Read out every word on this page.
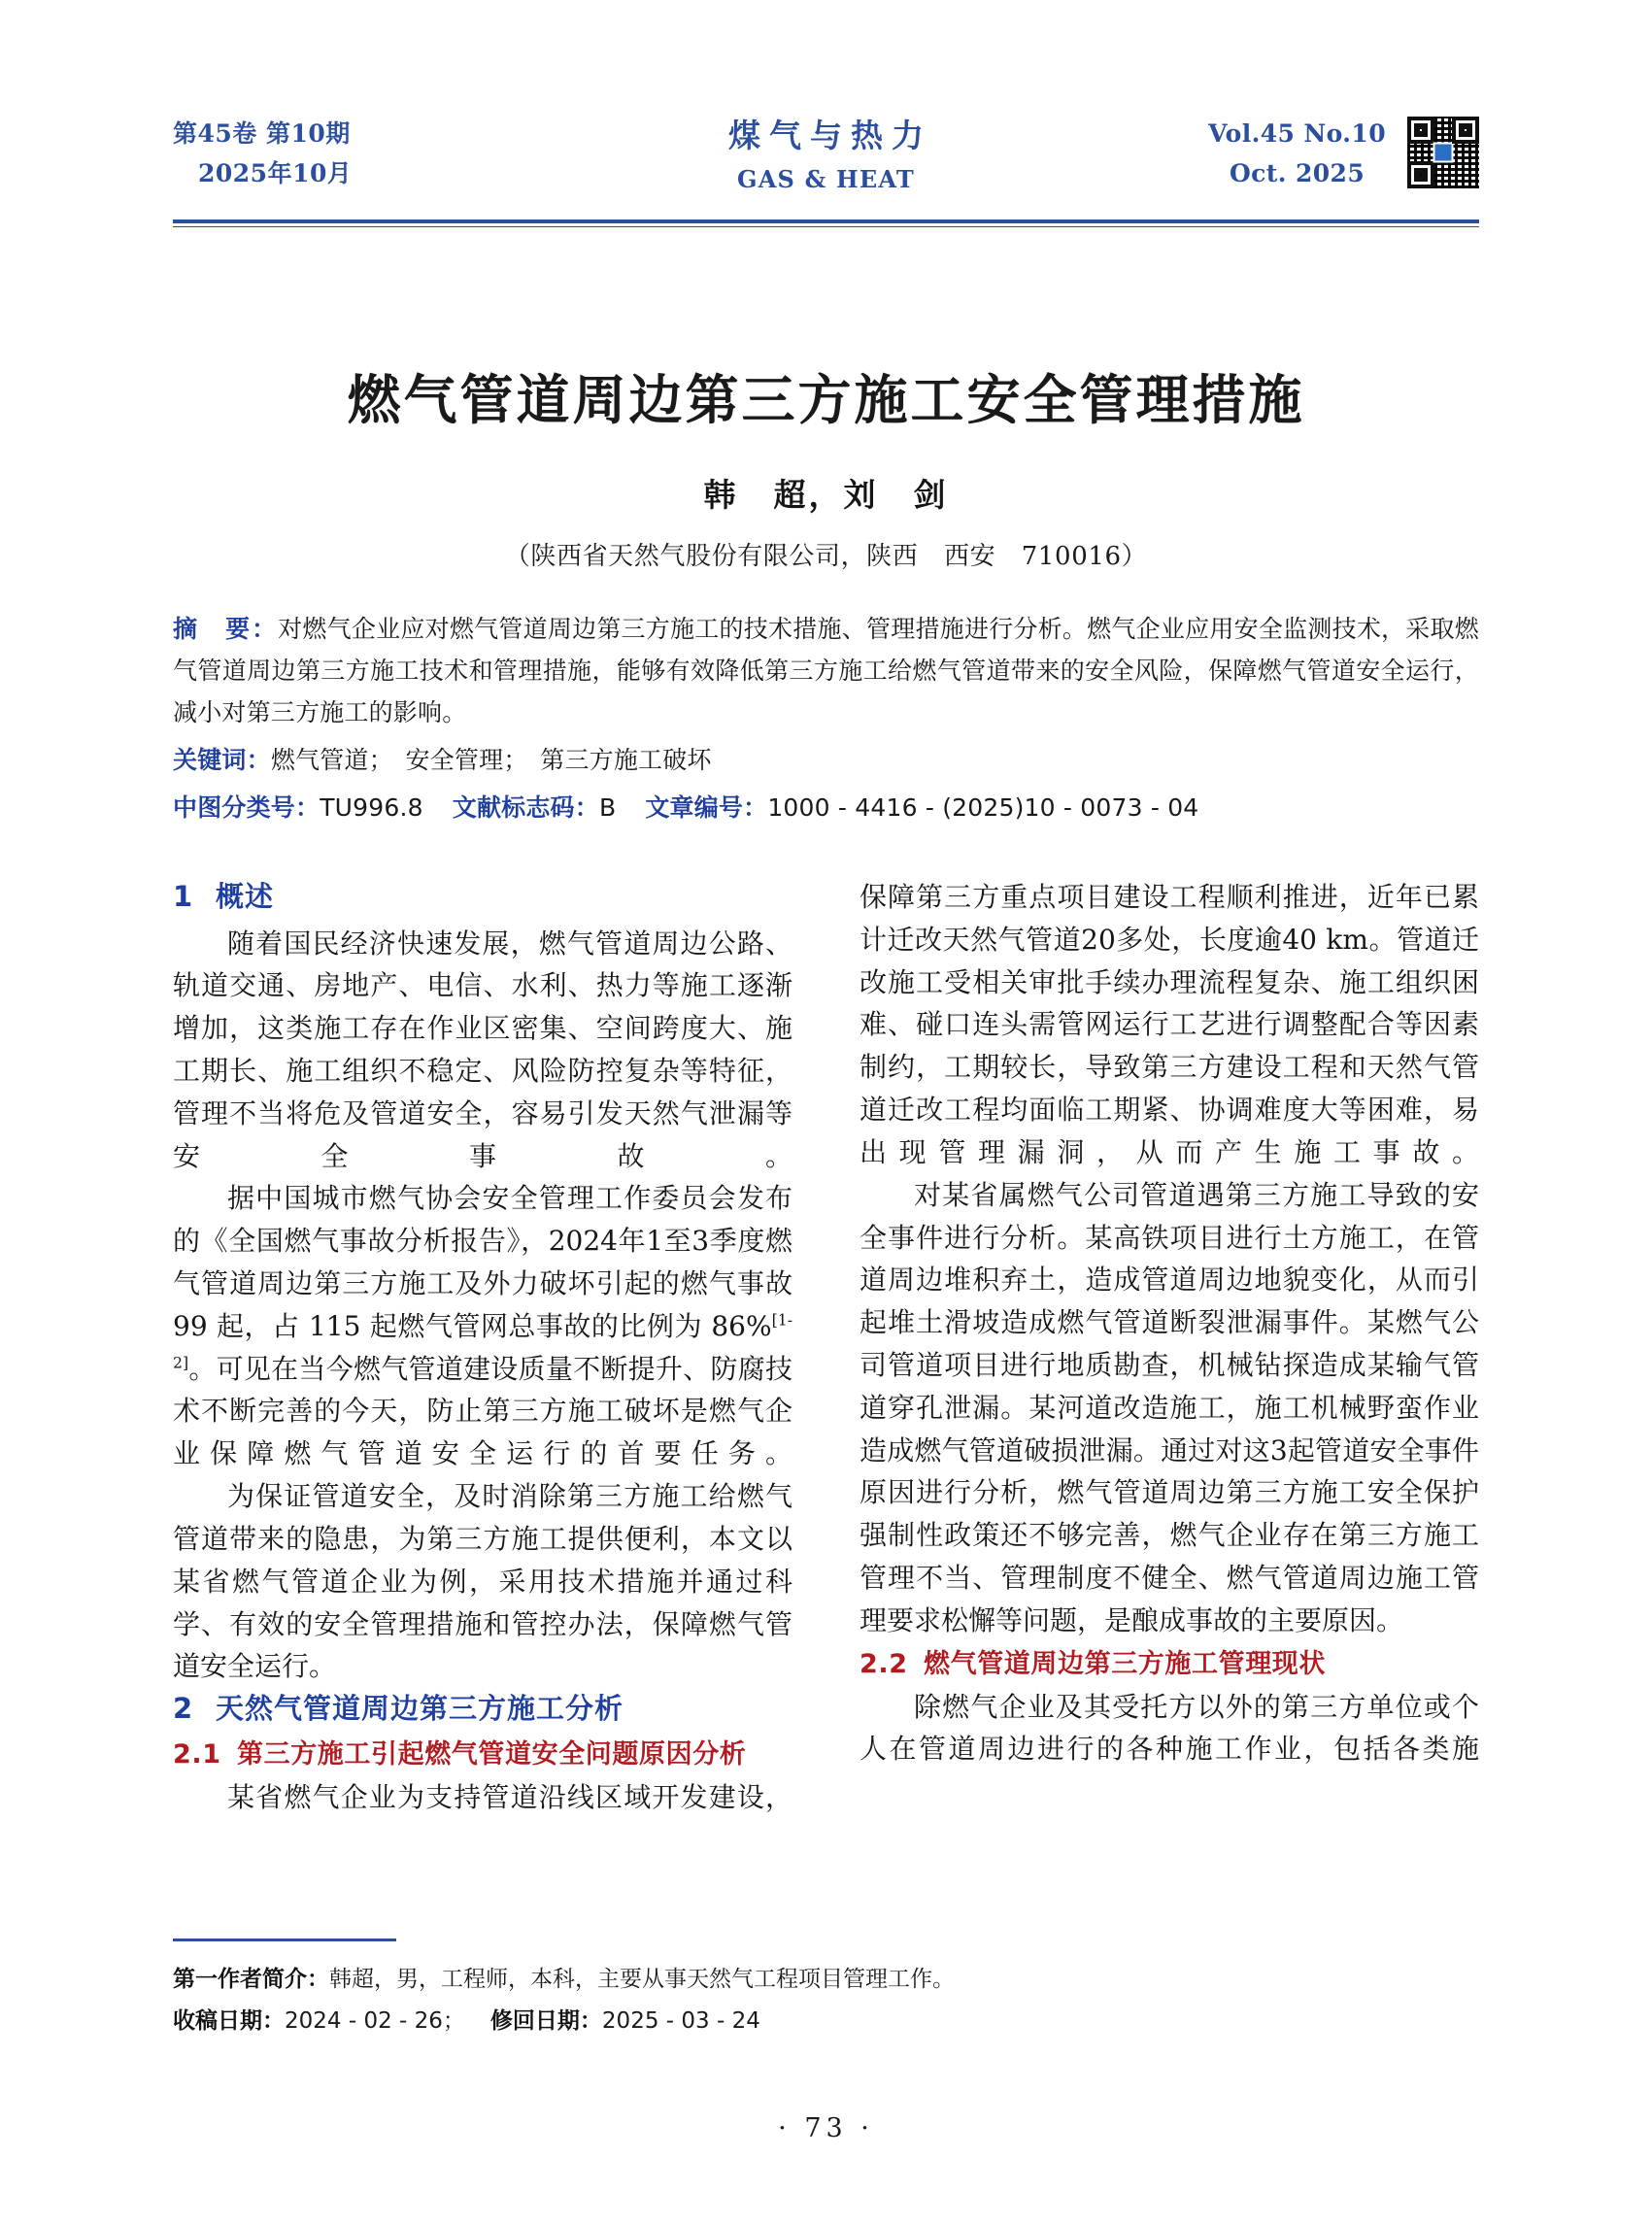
第45卷 第10期
2025年10月
煤气与热力
GAS & HEAT
Vol.45 No.10
Oct. 2025
燃气管道周边第三方施工安全管理措施
韩　超，刘　剑
（陕西省天然气股份有限公司，陕西　西安　710016）
摘　要：对燃气企业应对燃气管道周边第三方施工的技术措施、管理措施进行分析。燃气企业应用安全监测技术，采取燃气管道周边第三方施工技术和管理措施，能够有效降低第三方施工给燃气管道带来的安全风险，保障燃气管道安全运行，减小对第三方施工的影响。
关键词：燃气管道；　安全管理；　第三方施工破坏
中图分类号：TU996.8 文献标志码：B 文章编号：1000 - 4416 - (2025)10 - 0073 - 04
1 概述

随着国民经济快速发展，燃气管道周边公路、轨道交通、房地产、电信、水利、热力等施工逐渐增加，这类施工存在作业区密集、空间跨度大、施工期长、施工组织不稳定、风险防控复杂等特征，管理不当将危及管道安全，容易引发天然气泄漏等安全事故。

据中国城市燃气协会安全管理工作委员会发布的《全国燃气事故分析报告》，2024年1至3季度燃气管道周边第三方施工及外力破坏引起的燃气事故 99 起，占 115 起燃气管网总事故的比例为 86%[1-2]。可见在当今燃气管道建设质量不断提升、防腐技术不断完善的今天，防止第三方施工破坏是燃气企业保障燃气管道安全运行的首要任务。

为保证管道安全，及时消除第三方施工给燃气管道带来的隐患，为第三方施工提供便利，本文以某省燃气管道企业为例，采用技术措施并通过科学、有效的安全管理措施和管控办法，保障燃气管道安全运行。

2 天然气管道周边第三方施工分析
2.1 第三方施工引起燃气管道安全问题原因分析

某省燃气企业为支持管道沿线区域开发建设，

保障第三方重点项目建设工程顺利推进，近年已累计迁改天然气管道20多处，长度逾40 km。管道迁改施工受相关审批手续办理流程复杂、施工组织困难、碰口连头需管网运行工艺进行调整配合等因素制约，工期较长，导致第三方建设工程和天然气管道迁改工程均面临工期紧、协调难度大等困难，易出现管理漏洞，从而产生施工事故。

对某省属燃气公司管道遇第三方施工导致的安全事件进行分析。某高铁项目进行土方施工，在管道周边堆积弃土，造成管道周边地貌变化，从而引起堆土滑坡造成燃气管道断裂泄漏事件。某燃气公司管道项目进行地质勘查，机械钻探造成某输气管道穿孔泄漏。某河道改造施工，施工机械野蛮作业造成燃气管道破损泄漏。通过对这3起管道安全事件原因进行分析，燃气管道周边第三方施工安全保护强制性政策还不够完善，燃气企业存在第三方施工管理不当、管理制度不健全、燃气管道周边施工管理要求松懈等问题，是酿成事故的主要原因。

2.2 燃气管道周边第三方施工管理现状

除燃气企业及其受托方以外的第三方单位或个人在管道周边进行的各种施工作业，包括各类施

第一作者简介：韩超，男，工程师，本科，主要从事天然气工程项目管理工作。
收稿日期：2024 - 02 - 26； 修回日期：2025 - 03 - 24
· 73 ·
